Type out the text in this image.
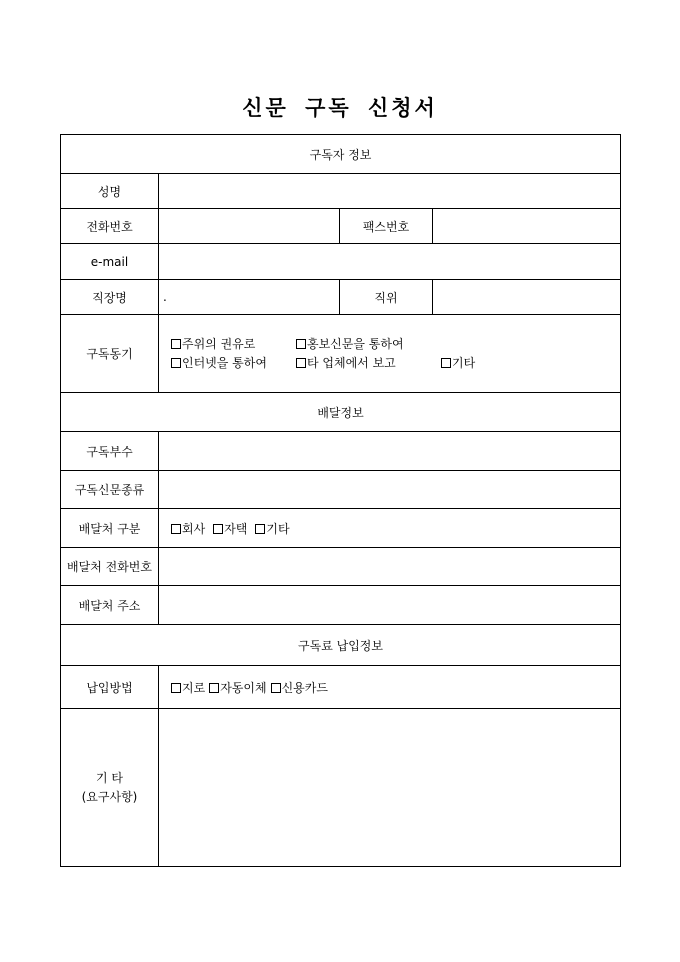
신문 구독 신청서
구독자 정보			
성명			
전화번호		팩스번호	
e-mail			
직장명	.	직위	
구독동기	주위의 권유로 홍보신문을 통하여
인터넷을 통하여 타 업체에서 보고 기타		

배달정보			
구독부수			
구독신문종류			
배달처 구분	회사 자택 기타		
배달처 전화번호			
배달처 주소			
구독료 납입정보			
납입방법	지로 자동이체 신용카드		

기 타
(요구사항)			
